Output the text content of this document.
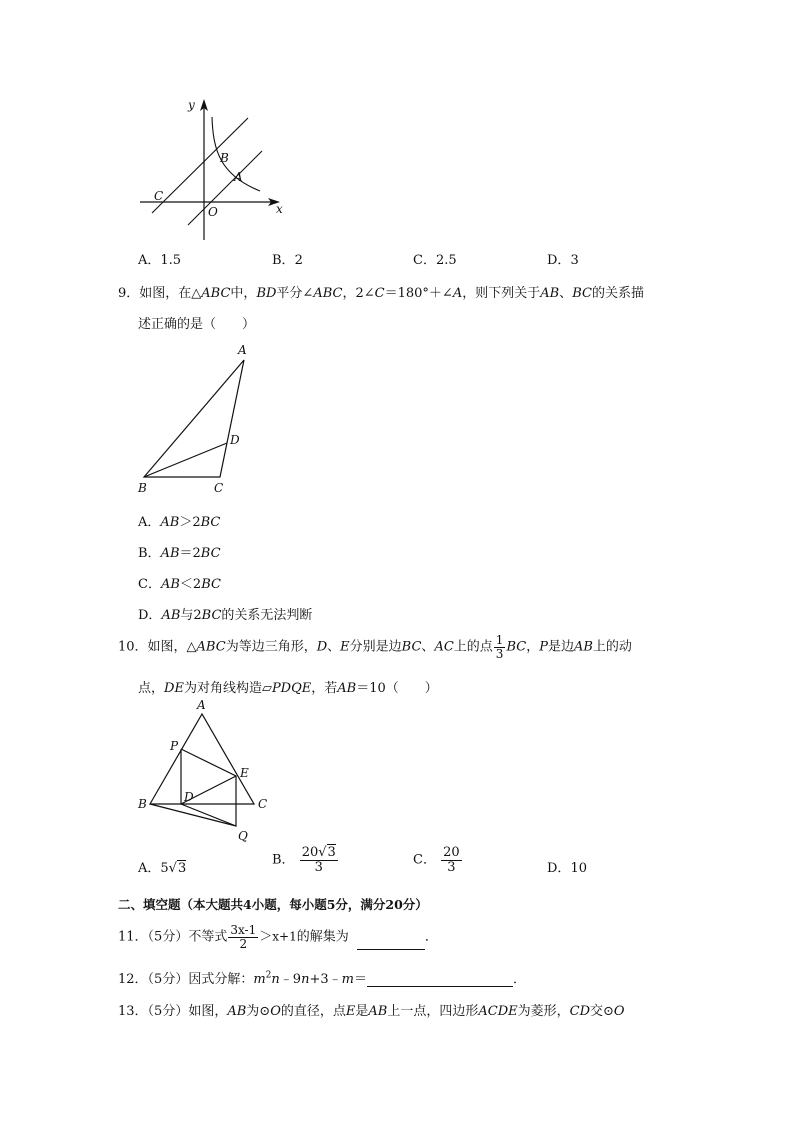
y
x
O
B
A
C
A．1.5	B．2	C．2.5	D．3
9．如图，在△ABC中，BD平分∠ABC，2∠C＝180°＋∠A，则下列关于AB、BC的关系描
述正确的是（　　）
A
B	C
D
A．AB＞2BC
B．AB＝2BC
C．AB＜2BC
D．AB与2BC的关系无法判断
10．如图，△ABC为等边三角形，D、E分别是边BC、AC上的点 $\frac{1}{3}$ BC，P是边AB上的动
点，DE为对角线构造▱PDQE，若AB＝10（　　）
A
P
E
B	D	C
Q
A．5√3
B． $\frac{20√3}{3}$	C． $\frac{20}{3}$	D．10
二、填空题（本大题共4小题，每小题5分，满分20分）
11．（5分）不等式 $\frac{3x-1}{2} >x+1$的解集为	．
12．（5分）因式分解：$m^2n﹣9n+3﹣m=$	．
13．（5分）如图，AB为⊙O的直径，点E是AB上一点，四边形ACDE为菱形，CD交⊙O
